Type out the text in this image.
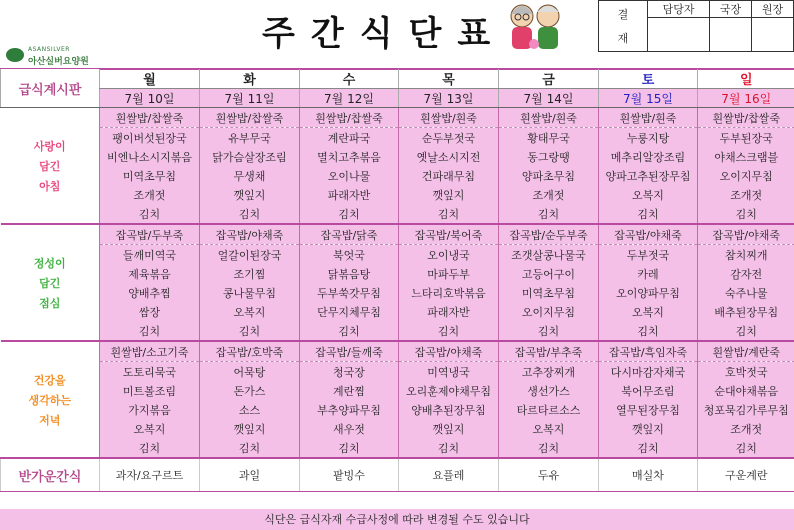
ASANSILVER
아산실버요양원
주간식단표	결
재	담당자	국장	원장

급식계시판	월	화	수	목	금	토	일
	7월 10일	7월 11일	7월 12일	7월 13일	7월 14일	7월 15일	7월 16일

사랑이
담긴
아침	흰쌀밥/찹쌀죽	흰쌀밥/찹쌀죽	흰쌀밥/찹쌀죽	흰쌀밥/흰죽	흰쌀밥/흰죽	흰쌀밥/흰죽	흰쌀밥/찹쌀죽
	팽이버섯된장국	유부무국	계란파국	순두부젓국	황태무국	누룽지탕	두부된장국
	비엔나소시지볶음	닭가슴살장조림	멸치고추볶음	옛날소시지전	동그랑땡	메추리알장조림	야채스크램블
	미역초무침	무생채	오이나물	건파래무침	양파초무침	양파고추된장무침	오이지무침
	조개젓	깻잎지	파래자반	깻잎지	조개젓	오복지	조개젓
	김치	김치	김치	김치	김치	김치	김치

정성이
담긴
점심	잡곡밥/두부죽	잡곡밥/야채죽	잡곡밥/닭죽	잡곡밥/북어죽	잡곡밥/순두부죽	잡곡밥/야채죽	잡곡밥/야채죽
	들깨미역국	얼갈이된장국	북엇국	오이냉국	조갯살콩나물국	두부젓국	참치찌개
	제육볶음	조기찜	닭볶음탕	마파두부	고등어구이	카레	감자전
	양배추찜	콩나물무침	두부쑥갓무침	느타리호박볶음	미역초무침	오이양파무침	숙주나물
	쌈장	오복지	단무지체무침	파래자반	오이지무침	오복지	배추된장무침
	김치	김치	김치	김치	김치	김치	김치

건강을
생각하는
저녁	흰쌀밥/소고기죽	잡곡밥/호박죽	잡곡밥/들깨죽	잡곡밥/야채죽	잡곡밥/부추죽	잡곡밥/흑임자죽	흰쌀밥/계란죽
	도토리묵국	어묵탕	청국장	미역냉국	고추장찌개	다시마감자채국	호박젓국
	미트볼조림	돈가스	계란찜	오리훈제야채무침	생선가스	북어무조림	순대야채볶음
	가지볶음	소스	부추양파무침	양배추된장무침	타르타르소스	열무된장무침	청포묵김가루무침
	오복지	깻잎지	새우젓	깻잎지	오복지	깻잎지	조개젓
	김치	김치	김치	김치	김치	김치	김치
반가운간식	과자/요구르트	과일	팥빙수	요플레	두유	매실차	구운계란
식단은 급식자재 수급사정에 따라 변경될 수도 있습니다
